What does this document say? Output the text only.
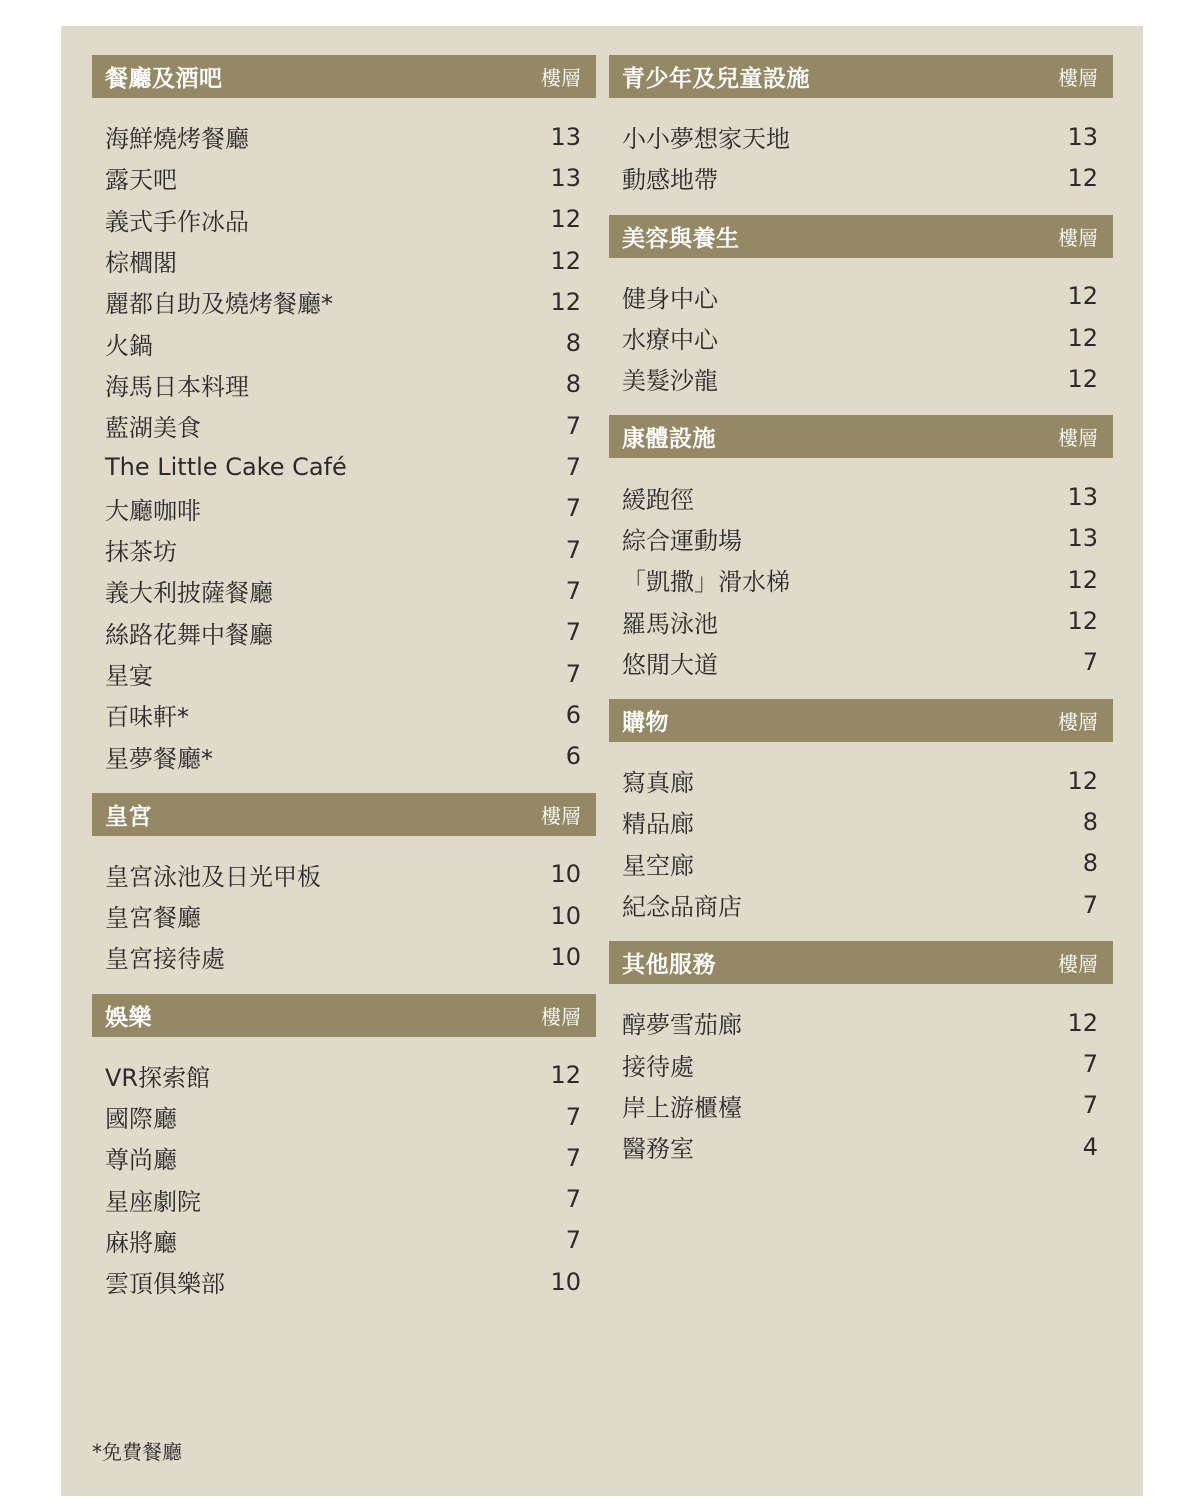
餐廳及酒吧	樓層
海鮮燒烤餐廳	13
露天吧	13
義式手作冰品	12
棕櫚閣	12
麗都自助及燒烤餐廳*	12
火鍋	8
海馬日本料理	8
藍湖美食	7
The Little Cake Café	7
大廳咖啡	7
抹茶坊	7
義大利披薩餐廳	7
絲路花舞中餐廳	7
星宴	7
百味軒*	6
星夢餐廳*	6
皇宮	樓層
皇宮泳池及日光甲板	10
皇宮餐廳	10
皇宮接待處	10
娛樂	樓層
VR探索館	12
國際廳	7
尊尚廳	7
星座劇院	7
麻將廳	7
雲頂俱樂部	10
青少年及兒童設施	樓層
小小夢想家天地	13
動感地帶	12
美容與養生	樓層
健身中心	12
水療中心	12
美髮沙龍	12
康體設施	樓層
緩跑徑	13
綜合運動場	13
「凱撒」滑水梯	12
羅馬泳池	12
悠閒大道	7
購物	樓層
寫真廊	12
精品廊	8
星空廊	8
紀念品商店	7
其他服務	樓層
醇夢雪茄廊	12
接待處	7
岸上游櫃檯	7
醫務室	4
*免費餐廳
